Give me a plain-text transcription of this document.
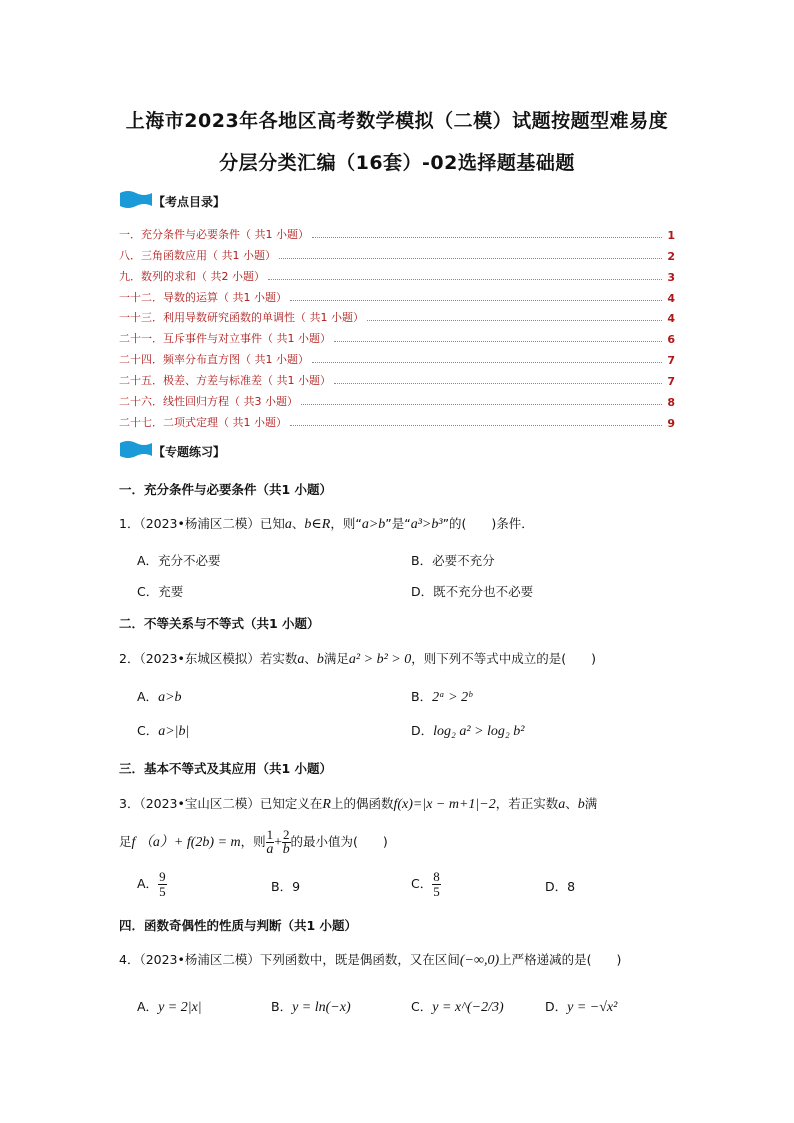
上海市2023年各地区高考数学模拟（二模）试题按题型难易度
分层分类汇编（16套）-02选择题基础题
【考点目录】
一．充分条件与必要条件（ 共1 小题）	1
八．三角函数应用（ 共1 小题）	2
九．数列的求和（ 共2 小题）	3
一十二．导数的运算（ 共1 小题）	4
一十三．利用导数研究函数的单调性（ 共1 小题）	4
二十一．互斥事件与对立事件（ 共1 小题）	6
二十四．频率分布直方图（ 共1 小题）	7
二十五．极差、方差与标准差（ 共1 小题）	7
二十六．线性回归方程（ 共3 小题）	8
二十七．二项式定理（ 共1 小题）	9
【专题练习】
一．充分条件与必要条件（共1 小题）
1．（2023•杨浦区二模）已知a、b∈R，则“a>b”是“a³>b³”的(　　)条件．
A．充分不必要	B．必要不充分
C．充要	D．既不充分也不必要
二．不等关系与不等式（共1 小题）
2．（2023•东城区模拟）若实数a、b满足a² > b² > 0，则下列不等式中成立的是(　　)
A．a>b	B．2ᵃ > 2ᵇ
C．a>|b|	D．log₂ a² > log₂ b²
三．基本不等式及其应用（共1 小题）
3．（2023•宝山区二模）已知定义在R上的偶函数f(x)=|x − m+1|−2，若正实数a、b满
足f （a）+ f(2b) = m，则 $\frac{1}{a} + \frac{2}{b}$ 的最小值为(　　)
A． $\frac{9}{5}$	B．9	C． $\frac{8}{5}$	D．8
四．函数奇偶性的性质与判断（共1 小题）
4．（2023•杨浦区二模）下列函数中，既是偶函数，又在区间(−∞,0)上严格递减的是(　　)
A．y = 2|x|	B．y = ln(−x)	C．y = x^(−2/3)	D．y = −√x²
